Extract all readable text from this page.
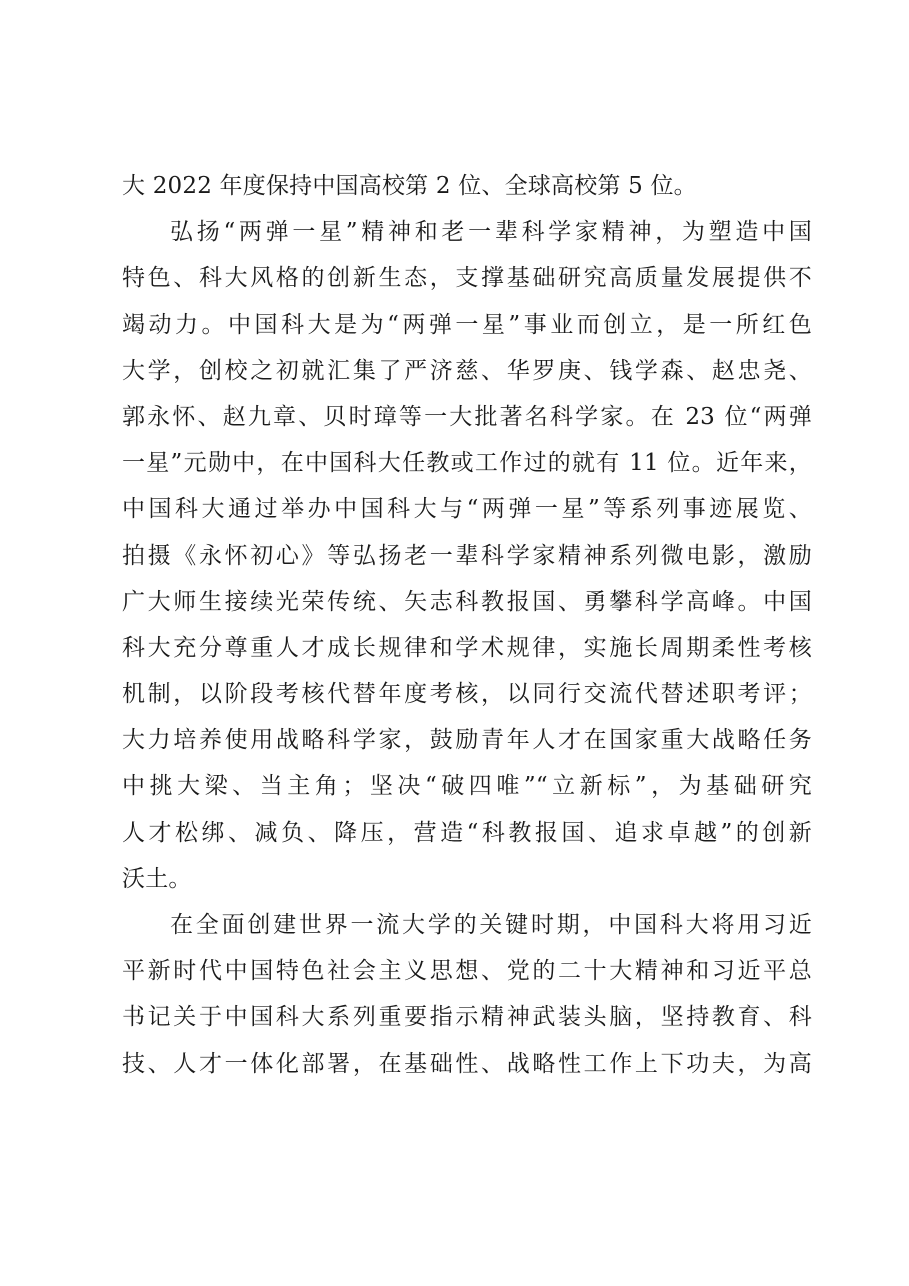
大 2022 年度保持中国高校第 2 位、全球高校第 5 位。
弘扬“两弹一星”精神和老一辈科学家精神，为塑造中国
特色、科大风格的创新生态，支撑基础研究高质量发展提供不
竭动力。中国科大是为“两弹一星”事业而创立，是一所红色
大学，创校之初就汇集了严济慈、华罗庚、钱学森、赵忠尧、
郭永怀、赵九章、贝时璋等一大批著名科学家。在 23 位“两弹
一星”元勋中，在中国科大任教或工作过的就有 11 位。近年来，
中国科大通过举办中国科大与“两弹一星”等系列事迹展览、
拍摄《永怀初心》等弘扬老一辈科学家精神系列微电影，激励
广大师生接续光荣传统、矢志科教报国、勇攀科学高峰。中国
科大充分尊重人才成长规律和学术规律，实施长周期柔性考核
机制，以阶段考核代替年度考核，以同行交流代替述职考评；
大力培养使用战略科学家，鼓励青年人才在国家重大战略任务
中挑大梁、当主角；坚决“破四唯”“立新标”，为基础研究
人才松绑、减负、降压，营造“科教报国、追求卓越”的创新
沃土。
在全面创建世界一流大学的关键时期，中国科大将用习近
平新时代中国特色社会主义思想、党的二十大精神和习近平总
书记关于中国科大系列重要指示精神武装头脑，坚持教育、科
技、人才一体化部署，在基础性、战略性工作上下功夫，为高
